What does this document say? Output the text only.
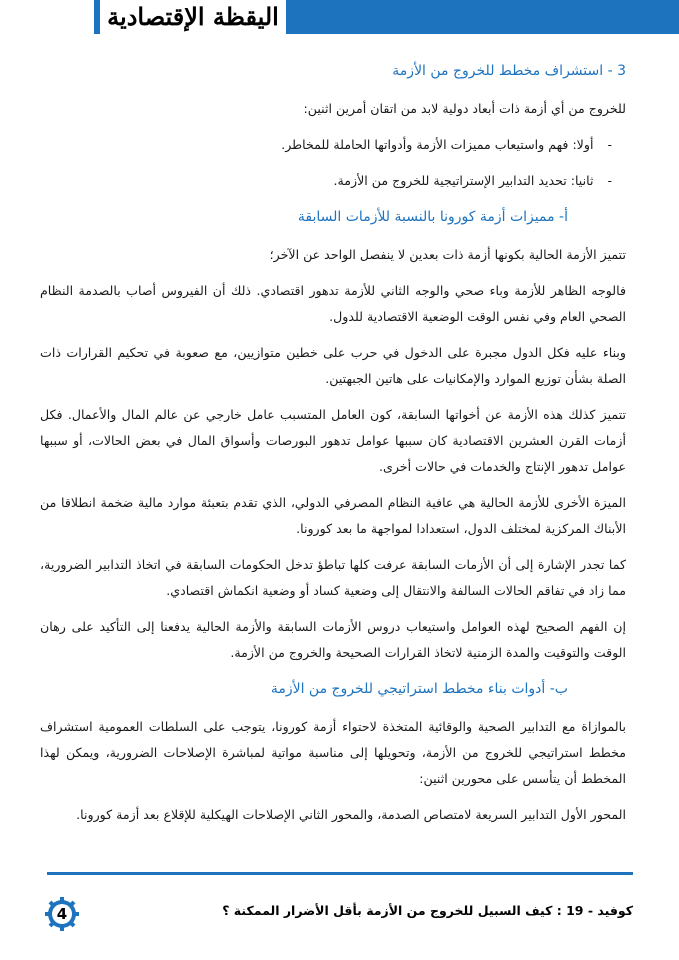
اليقظة الإقتصادية
3 - استشراف مخطط للخروج من الأزمة

للخروج من أي أزمة ذات أبعاد دولية لابد من اتقان أمرين اثنين:

-
أولا: فهم واستيعاب مميزات الأزمة وأدواتها الحاملة للمخاطر.
-
ثانيا: تحديد التدابير الإستراتيجية للخروج من الأزمة.
أ- مميزات أزمة كورونا بالنسبة للأزمات السابقة

تتميز الأزمة الحالية بكونها أزمة ذات بعدين لا ينفصل الواحد عن الآخر؛

فالوجه الظاهر للأزمة وباء صحي والوجه الثاني للأزمة تدهور اقتصادي. ذلك أن الفيروس أصاب بالصدمة النظام الصحي العام وفي نفس الوقت الوضعية الاقتصادية للدول.

وبناء عليه فكل الدول مجبرة على الدخول في حرب على خطين متوازيين، مع صعوبة في تحكيم القرارات ذات الصلة بشأن توزيع الموارد والإمكانيات على هاتين الجبهتين.

تتميز كذلك هذه الأزمة عن أخواتها السابقة، كون العامل المتسبب عامل خارجي عن عالم المال والأعمال. فكل أزمات القرن العشرين الاقتصادية كان سببها عوامل تدهور البورصات وأسواق المال في بعض الحالات، أو سببها عوامل تدهور الإنتاج والخدمات في حالات أخرى.

الميزة الأخرى للأزمة الحالية هي عافية النظام المصرفي الدولي، الذي تقدم بتعبئة موارد مالية ضخمة انطلاقا من الأبناك المركزية لمختلف الدول، استعدادا لمواجهة ما بعد كورونا.

كما تجدر الإشارة إلى أن الأزمات السابقة عرفت كلها تباطؤ تدخل الحكومات السابقة في اتخاذ التدابير الضرورية، مما زاد في تفاقم الحالات السالفة والانتقال إلى وضعية كساد أو وضعية انكماش اقتصادي.

إن الفهم الصحيح لهذه العوامل واستيعاب دروس الأزمات السابقة والأزمة الحالية يدفعنا إلى التأكيد على رهان الوقت والتوقيت والمدة الزمنية لاتخاذ القرارات الصحيحة والخروج من الأزمة.

ب- أدوات بناء مخطط استراتيجي للخروج من الأزمة

بالموازاة مع التدابير الصحية والوقائية المتخذة لاحتواء أزمة كورونا، يتوجب على السلطات العمومية استشراف مخطط استراتيجي للخروج من الأزمة، وتحويلها إلى مناسبة مواتية لمباشرة الإصلاحات الضرورية، ويمكن لهذا المخطط أن يتأسس على محورين اثنين:

المحور الأول التدابير السريعة لامتصاص الصدمة، والمحور الثاني الإصلاحات الهيكلية للإقلاع بعد أزمة كورونا.

4	كوفيد - 19 : كيف السبيل للخروج من الأزمة بأقل الأضرار الممكنة ؟
